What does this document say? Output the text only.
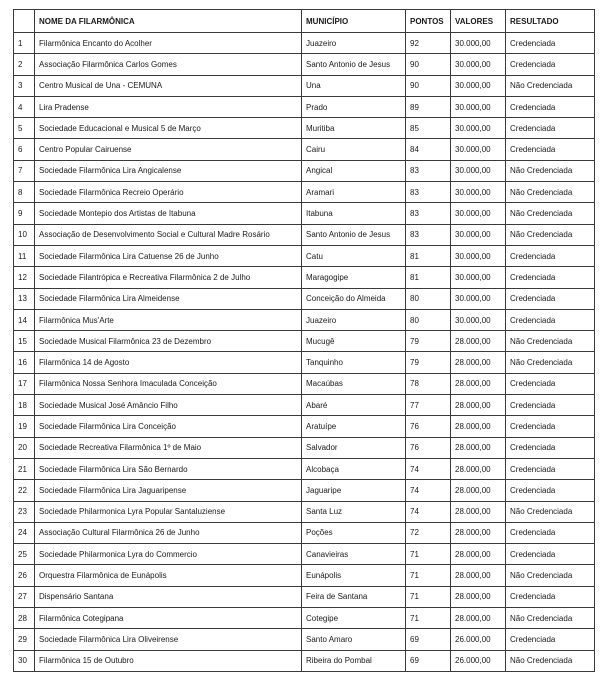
	NOME DA FILARMÔNICA	MUNICÍPIO	PONTOS	VALORES	RESULTADO
1	Filarmônica Encanto do Acolher	Juazeiro	92	30.000,00	Credenciada
2	Associação Filarmônica Carlos Gomes	Santo Antonio de Jesus	90	30.000,00	Credenciada
3	Centro Musical de Una - CEMUNA	Una	90	30.000,00	Não Credenciada
4	Lira Pradense	Prado	89	30.000,00	Credenciada
5	Sociedade Educacional e Musical 5 de Março	Muritiba	85	30.000,00	Credenciada
6	Centro Popular Cairuense	Cairu	84	30.000,00	Credenciada
7	Sociedade Filarmônica Lira Angicalense	Angical	83	30.000,00	Não Credenciada
8	Sociedade Filarmônica Recreio Operário	Aramari	83	30.000,00	Não Credenciada
9	Sociedade Montepio dos Artistas de Itabuna	Itabuna	83	30.000,00	Não Credenciada
10	Associação de Desenvolvimento Social e Cultural Madre Rosário	Santo Antonio de Jesus	83	30.000,00	Não Credenciada
11	Sociedade Filarmônica Lira Catuense 26 de Junho	Catu	81	30.000,00	Credenciada
12	Sociedade Filantrópica e Recreativa Filarmônica 2 de Julho	Maragogipe	81	30.000,00	Credenciada
13	Sociedade Filarmônica Lira Almeidense	Conceição do Almeida	80	30.000,00	Credenciada
14	Filarmônica Mus'Arte	Juazeiro	80	30.000,00	Credenciada
15	Sociedade Musical Filarmônica 23 de Dezembro	Mucugê	79	28.000,00	Não Credenciada
16	Filarmônica 14 de Agosto	Tanquinho	79	28.000,00	Não Credenciada
17	Filarmônica Nossa Senhora Imaculada Conceição	Macaúbas	78	28.000,00	Credenciada
18	Sociedade Musical José Amâncio Filho	Abaré	77	28.000,00	Credenciada
19	Sociedade Filarmônica Lira Conceição	Aratuípe	76	28.000,00	Credenciada
20	Sociedade Recreativa Filarmônica 1º de Maio	Salvador	76	28.000,00	Credenciada
21	Sociedade Filarmônica Lira São Bernardo	Alcobaça	74	28.000,00	Credenciada
22	Sociedade Filarmônica Lira Jaguaripense	Jaguaripe	74	28.000,00	Credenciada
23	Sociedade Philarmonica Lyra Popular Santaluziense	Santa Luz	74	28.000,00	Não Credenciada
24	Associação Cultural Filarmônica 26 de Junho	Poções	72	28.000,00	Credenciada
25	Sociedade Philarmonica Lyra do Commercio	Canavieiras	71	28.000,00	Credenciada
26	Orquestra Filarmônica de Eunápolis	Eunápolis	71	28.000,00	Não Credenciada
27	Dispensário Santana	Feira de Santana	71	28.000,00	Credenciada
28	Filarmônica Cotegipana	Cotegipe	71	28.000,00	Não Credenciada
29	Sociedade Filarmônica Lira Oliveirense	Santo Amaro	69	26.000,00	Credenciada
30	Filarmônica 15 de Outubro	Ribeira do Pombal	69	26.000,00	Não Credenciada
